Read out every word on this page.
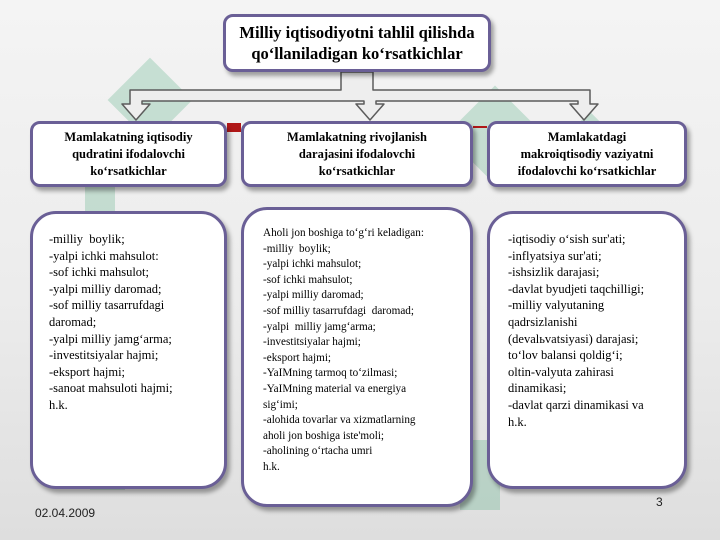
Milliy iqtisodiyotni tahlil qilishda
qo‘llaniladigan ko‘rsatkichlar
Mamlakatning iqtisodiy
qudratini ifodalovchi
ko‘rsatkichlar
Mamlakatning rivojlanish
darajasini ifodalovchi
ko‘rsatkichlar
Mamlakatdagi
makroiqtisodiy vaziyatni
ifodalovchi ko‘rsatkichlar
-milliy  boylik;
-yalpi ichki mahsulot:
-sof ichki mahsulot;
-yalpi milliy daromad;
-sof milliy tasarrufdagi
daromad;
-yalpi milliy jamg‘arma;
-investitsiyalar hajmi;
-eksport hajmi;
-sanoat mahsuloti hajmi;
h.k.
Aholi jon boshiga to‘g‘ri keladigan:
-milliy  boylik;
-yalpi ichki mahsulot;
-sof ichki mahsulot;
-yalpi milliy daromad;
-sof milliy tasarrufdagi  daromad;
-yalpi  milliy jamg‘arma;
-investitsiyalar hajmi;
-eksport hajmi;
-YaIMning tarmoq to‘zilmasi;
-YaIMning material va energiya
sig‘imi;
-alohida tovarlar va xizmatlarning
aholi jon boshiga iste'moli;
-aholining o‘rtacha umri
h.k.
-iqtisodiy o‘sish sur'ati;
-inflyatsiya sur'ati;
-ishsizlik darajasi;
-davlat byudjeti taqchilligi;
-milliy valyutaning
qadrsizlanishi
(devalьvatsiyasi) darajasi;
to‘lov balansi qoldig‘i;
oltin-valyuta zahirasi
dinamikasi;
-davlat qarzi dinamikasi va
h.k.
02.04.2009
3
